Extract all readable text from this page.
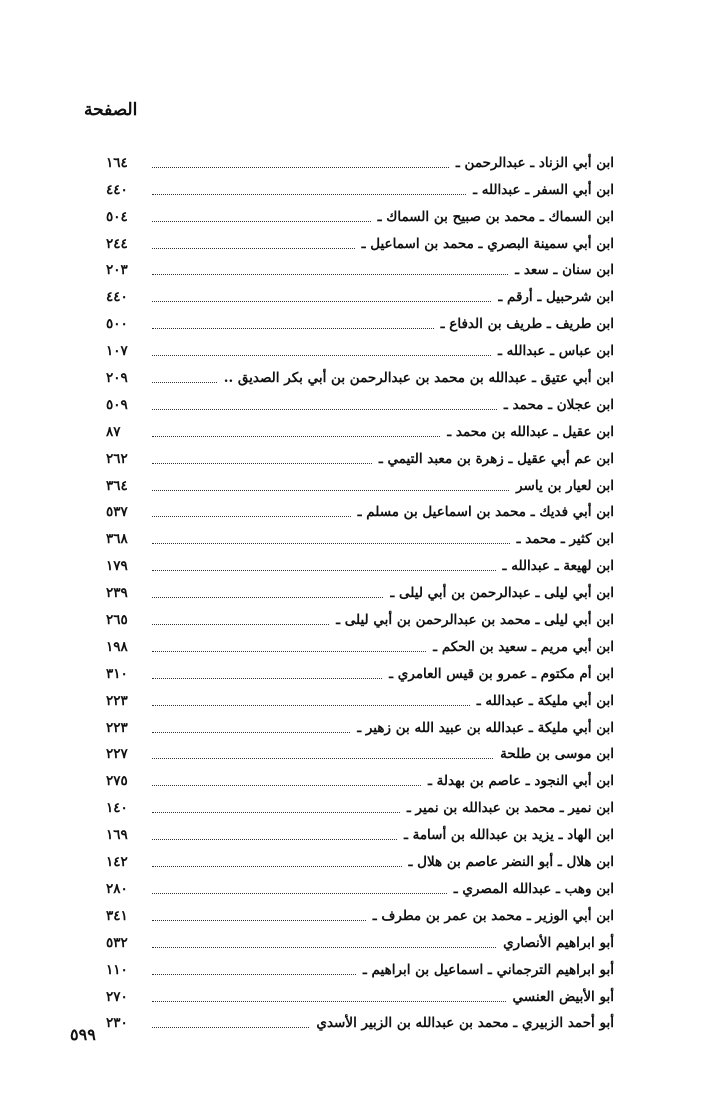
الصفحة
ابن أبي الزناد ـ عبدالرحمن ـ
١٦٤
ابن أبي السفر ـ عبدالله ـ
٤٤٠
ابن السماك ـ محمد بن صبيح بن السماك ـ
٥٠٤
ابن أبي سمينة البصري ـ محمد بن اسماعيل ـ
٢٤٤
ابن سنان ـ سعد ـ
٢٠٣
ابن شرحبيل ـ أرقم ـ
٤٤٠
ابن طريف ـ طريف بن الدفاع ـ
٥٠٠
ابن عباس ـ عبدالله ـ
١٠٧
ابن أبي عتيق ـ عبدالله بن محمد بن عبدالرحمن بن أبي بكر الصديق ..
٢٠٩
ابن عجلان ـ محمد ـ
٥٠٩
ابن عقيل ـ عبدالله بن محمد ـ
٨٧
ابن عم أبي عقيل ـ زهرة بن معبد التيمي ـ
٢٦٢
ابن لعيار بن ياسر
٣٦٤
ابن أبي فديك ـ محمد بن اسماعيل بن مسلم ـ
٥٣٧
ابن كثير ـ محمد ـ
٣٦٨
ابن لهيعة ـ عبدالله ـ
١٧٩
ابن أبي ليلى ـ عبدالرحمن بن أبي ليلى ـ
٢٣٩
ابن أبي ليلى ـ محمد بن عبدالرحمن بن أبي ليلى ـ
٢٦٥
ابن أبي مريم ـ سعيد بن الحكم ـ
١٩٨
ابن أم مكتوم ـ عمرو بن قيس العامري ـ
٣١٠
ابن أبي مليكة ـ عبدالله ـ
٢٢٣
ابن أبي مليكة ـ عبدالله بن عبيد الله بن زهير ـ
٢٢٣
ابن موسى بن طلحة
٢٢٧
ابن أبي النجود ـ عاصم بن بهدلة ـ
٢٧٥
ابن نمير ـ محمد بن عبدالله بن نمير ـ
١٤٠
ابن الهاد ـ يزيد بن عبدالله بن أسامة ـ
١٦٩
ابن هلال ـ أبو النضر عاصم بن هلال ـ
١٤٢
ابن وهب ـ عبدالله المصري ـ
٢٨٠
ابن أبي الوزير ـ محمد بن عمر بن مطرف ـ
٣٤١
أبو ابراهيم الأنصاري
٥٣٢
أبو ابراهيم الترجماني ـ اسماعيل بن ابراهيم ـ
١١٠
أبو الأبيض العنسي
٢٧٠
أبو أحمد الزبيري ـ محمد بن عبدالله بن الزبير الأسدي
٢٣٠
٥٩٩
